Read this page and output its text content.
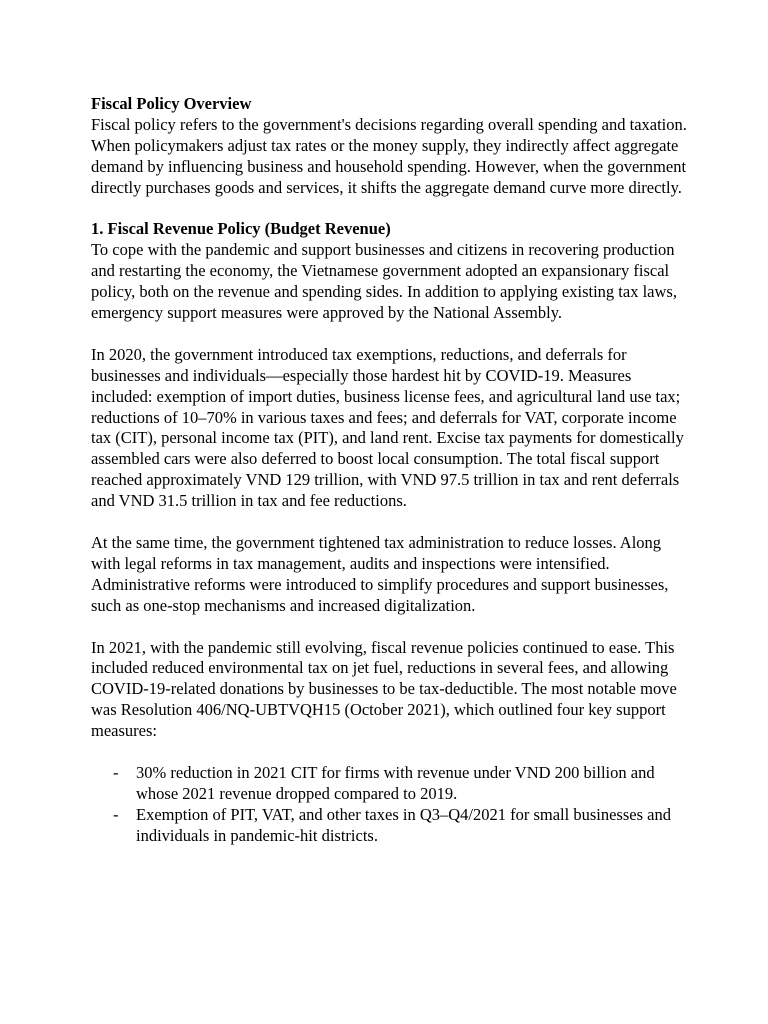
Fiscal Policy Overview

Fiscal policy refers to the government's decisions regarding overall spending and taxation. When policymakers adjust tax rates or the money supply, they indirectly affect aggregate demand by influencing business and household spending. However, when the government directly purchases goods and services, it shifts the aggregate demand curve more directly.

1. Fiscal Revenue Policy (Budget Revenue)

To cope with the pandemic and support businesses and citizens in recovering production and restarting the economy, the Vietnamese government adopted an expansionary fiscal policy, both on the revenue and spending sides. In addition to applying existing tax laws, emergency support measures were approved by the National Assembly.

In 2020, the government introduced tax exemptions, reductions, and deferrals for businesses and individuals—especially those hardest hit by COVID-19. Measures included: exemption of import duties, business license fees, and agricultural land use tax; reductions of 10–70% in various taxes and fees; and deferrals for VAT, corporate income tax (CIT), personal income tax (PIT), and land rent. Excise tax payments for domestically assembled cars were also deferred to boost local consumption. The total fiscal support reached approximately VND 129 trillion, with VND 97.5 trillion in tax and rent deferrals and VND 31.5 trillion in tax and fee reductions.

At the same time, the government tightened tax administration to reduce losses. Along with legal reforms in tax management, audits and inspections were intensified. Administrative reforms were introduced to simplify procedures and support businesses, such as one-stop mechanisms and increased digitalization.

In 2021, with the pandemic still evolving, fiscal revenue policies continued to ease. This included reduced environmental tax on jet fuel, reductions in several fees, and allowing COVID-19-related donations by businesses to be tax-deductible. The most notable move was Resolution 406/NQ-UBTVQH15 (October 2021), which outlined four key support measures:

- 30% reduction in 2021 CIT for firms with revenue under VND 200 billion and whose 2021 revenue dropped compared to 2019.
- Exemption of PIT, VAT, and other taxes in Q3–Q4/2021 for small businesses and individuals in pandemic-hit districts.
